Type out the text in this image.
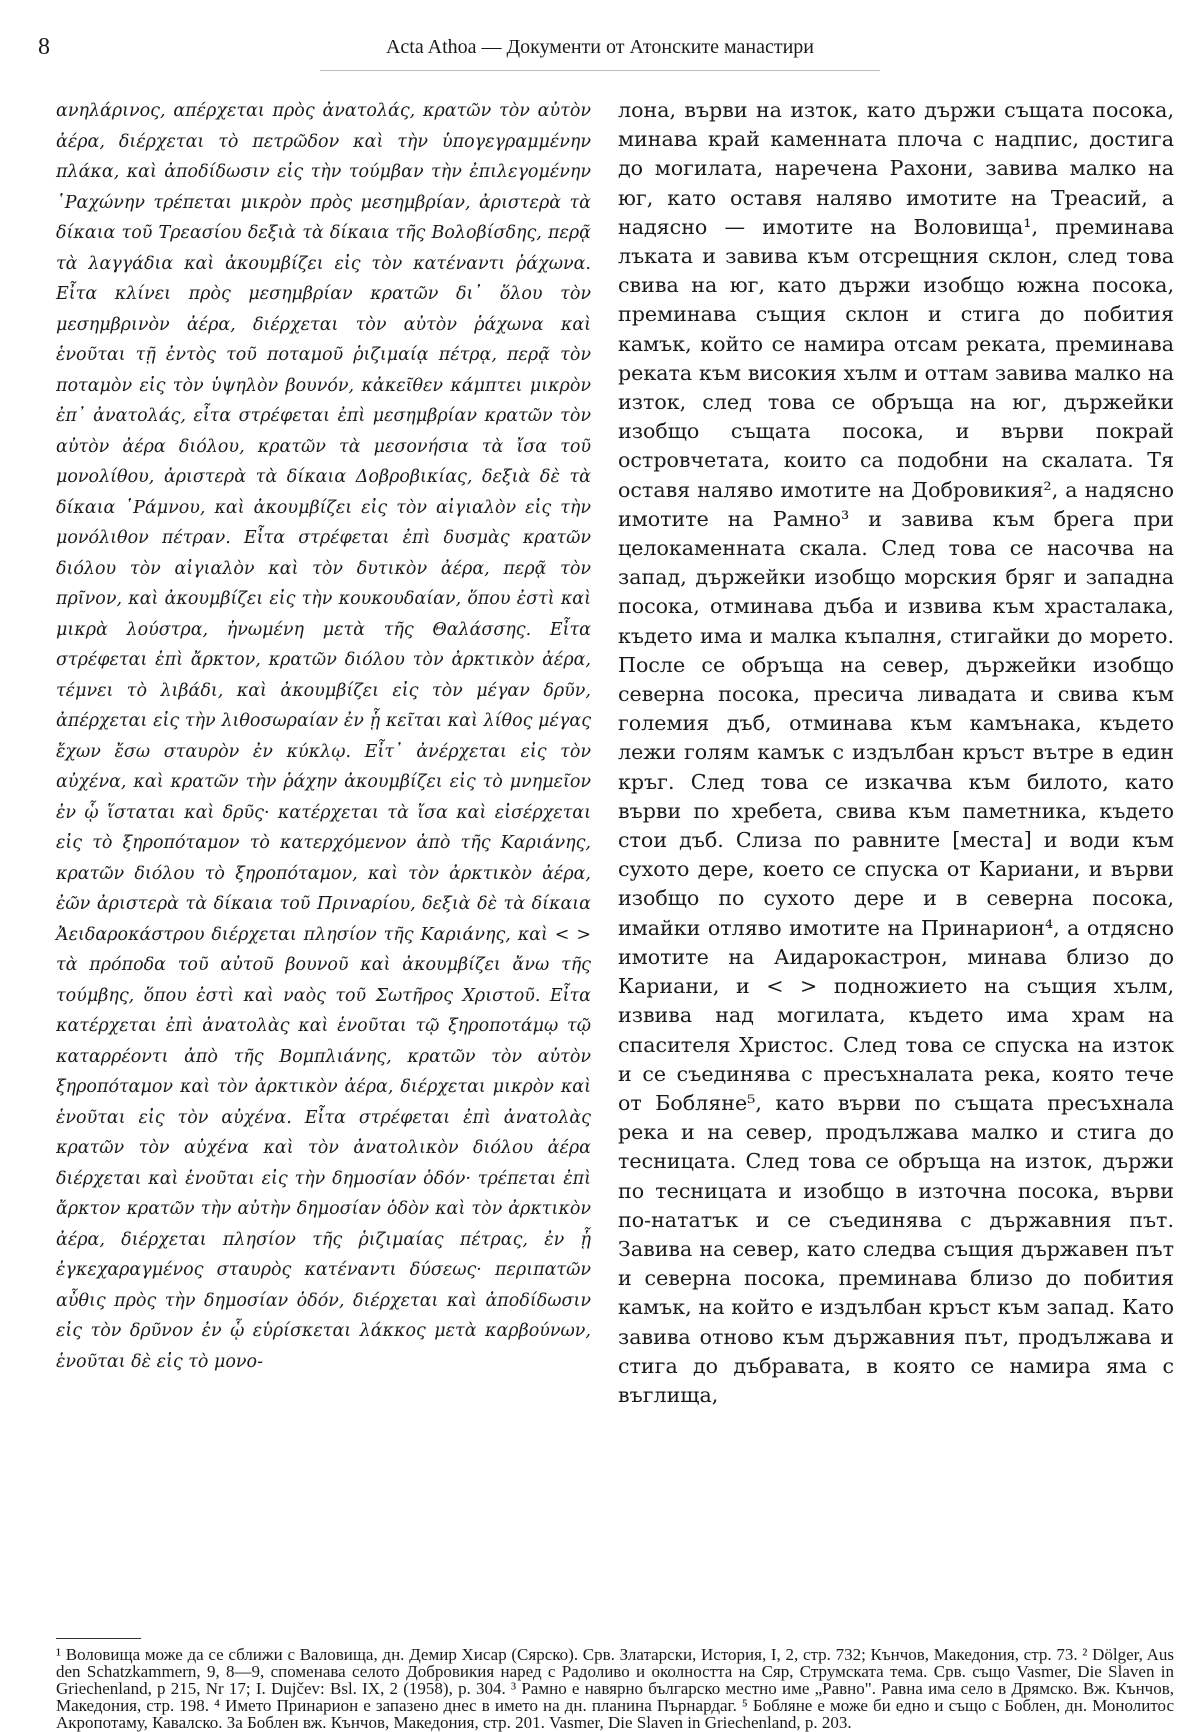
8	Acta Athoa — Документи от Атонските манастири

ανηλάρινος, απέρχεται πρὸς ἀνατολάς, κρατῶν τὸν αὐτὸν ἀέρα, διέρχεται τὸ πετρῶδον καὶ τὴν ὑπογεγραμμένην πλάκα, καὶ ἀποδίδωσιν εἰς τὴν τούμβαν τὴν ἐπιλεγομένην ῾Ραχώνην τρέπεται μικρὸν πρὸς μεσημβρίαν, ἀριστερὰ τὰ δίκαια τοῦ Τρεασίου δεξιὰ τὰ δίκαια τῆς Βολοβίσδης, περᾷ τὰ λαγγάδια καὶ ἀκουμβίζει εἰς τὸν κατέναντι ῥάχωνα. Εἶτα κλίνει πρὸς μεσημβρίαν κρατῶν δι᾽ ὅλου τὸν μεσημβρινὸν ἀέρα, διέρχεται τὸν αὐτὸν ῥάχωνα καὶ ἑνοῦται τῇ ἐντὸς τοῦ ποταμοῦ ῥιζιμαίᾳ πέτρᾳ, περᾷ τὸν ποταμὸν εἰς τὸν ὑψηλὸν βουνόν, κἀκεῖθεν κάμπτει μικρὸν ἐπ᾽ ἀνατολάς, εἶτα στρέφεται ἐπὶ μεσημβρίαν κρατῶν τὸν αὐτὸν ἀέρα διόλου, κρατῶν τὰ μεσονήσια τὰ ἴσα τοῦ μονολίθου, ἀριστερὰ τὰ δίκαια Δοβροβικίας, δεξιὰ δὲ τὰ δίκαια ῾Ράμνου, καὶ ἀκουμβίζει εἰς τὸν αἰγιαλὸν εἰς τὴν μονόλιθον πέτραν. Εἶτα στρέφεται ἐπὶ δυσμὰς κρατῶν διόλου τὸν αἰγιαλὸν καὶ τὸν δυτικὸν ἀέρα, περᾷ τὸν πρῖνον, καὶ ἀκουμβίζει εἰς τὴν κουκουδαίαν, ὅπου ἐστὶ καὶ μικρὰ λούστρα, ἡνωμένη μετὰ τῆς Θαλάσσης. Εἶτα στρέφεται ἐπὶ ἄρκτον, κρατῶν διόλου τὸν ἀρκτικὸν ἀέρα, τέμνει τὸ λιβάδι, καὶ ἀκουμβίζει εἰς τὸν μέγαν δρῦν, ἀπέρχεται εἰς τὴν λιθοσωραίαν ἐν ᾗ κεῖται καὶ λίθος μέγας ἔχων ἔσω σταυρὸν ἐν κύκλῳ. Εἶτ᾽ ἀνέρχεται εἰς τὸν αὐχένα, καὶ κρατῶν τὴν ῥάχην ἀκουμβίζει εἰς τὸ μνημεῖον ἐν ᾧ ἵσταται καὶ δρῦς· κατέρχεται τὰ ἴσα καὶ εἰσέρχεται εἰς τὸ ξηροπόταμον τὸ κατερχόμενον ἀπὸ τῆς Καριάνης, κρατῶν διόλου τὸ ξηροπόταμον, καὶ τὸν ἀρκτικὸν ἀέρα, ἐῶν ἀριστερὰ τὰ δίκαια τοῦ Πριναρίου, δεξιὰ δὲ τὰ δίκαια Ἀειδαροκάστρου διέρχεται πλησίον τῆς Καριάνης, καὶ < > τὰ πρόποδα τοῦ αὐτοῦ βουνοῦ καὶ ἀκουμβίζει ἄνω τῆς τούμβης, ὅπου ἐστὶ καὶ ναὸς τοῦ Σωτῆρος Χριστοῦ. Εἶτα κατέρχεται ἐπὶ ἀνατολὰς καὶ ἑνοῦται τῷ ξηροποτάμῳ τῷ καταρρέοντι ἀπὸ τῆς Βομπλιάνης, κρατῶν τὸν αὐτὸν ξηροπόταμον καὶ τὸν ἀρκτικὸν ἀέρα, διέρχεται μικρὸν καὶ ἑνοῦται εἰς τὸν αὐχένα. Εἶτα στρέφεται ἐπὶ ἀνατολὰς κρατῶν τὸν αὐχένα καὶ τὸν ἀνατολικὸν διόλου ἀέρα διέρχεται καὶ ἑνοῦται εἰς τὴν δημοσίαν ὁδόν· τρέπεται ἐπὶ ἄρκτον κρατῶν τὴν αὐτὴν δημοσίαν ὁδὸν καὶ τὸν ἀρκτικὸν ἀέρα, διέρχεται πλησίον τῆς ῥιζιμαίας πέτρας, ἐν ᾗ ἐγκεχαραγμένος σταυρὸς κατέναντι δύσεως· περιπατῶν αὖθις πρὸς τὴν δημοσίαν ὁδόν, διέρχεται καὶ ἀποδίδωσιν εἰς τὸν δρῦνον ἐν ᾧ εὑρίσκεται λάκκος μετὰ καρβούνων, ἑνοῦται δὲ εἰς τὸ μονο-

лона, върви на изток, като държи същата посока, минава край каменната плоча с надпис, достига до могилата, наречена Рахони, завива малко на юг, като оставя наляво имотите на Треасий, а надясно — имотите на Воловища¹, преминава лъката и завива към отсрещния склон, след това свива на юг, като държи изобщо южна посока, преминава същия склон и стига до побития камък, който се намира отсам реката, преминава реката към високия хълм и оттам завива малко на изток, след това се обръща на юг, държейки изобщо същата посока, и върви покрай островчетата, които са подобни на скалата. Тя оставя наляво имотите на Добровикия², а надясно имотите на Рамно³ и завива към брега при целокаменната скала. След това се насочва на запад, държейки изобщо морския бряг и западна посока, отминава дъба и извива към храсталака, където има и малка къпалня, стигайки до морето. После се обръща на север, държейки изобщо северна посока, пресича ливадата и свива към големия дъб, отминава към камънака, където лежи голям камък с издълбан кръст вътре в един кръг. След това се изкачва към билото, като върви по хребета, свива към паметника, където стои дъб. Слиза по равните [места] и води към сухото дере, което се спуска от Кариани, и върви изобщо по сухото дере и в северна посока, имайки отляво имотите на Принарион⁴, а отдясно имотите на Аидарокастрон, минава близо до Кариани, и < > подножието на същия хълм, извива над могилата, където има храм на спасителя Христос. След това се спуска на изток и се съединява с пресъхналата река, която тече от Бобляне⁵, като върви по същата пресъхнала река и на север, продължава малко и стига до тесницата. След това се обръща на изток, държи по тесницата и изобщо в източна посока, върви по-нататък и се съединява с държавния път. Завива на север, като следва същия държавен път и северна посока, преминава близо до побития камък, на който е издълбан кръст към запад. Като завива отново към държавния път, продължава и стига до дъбравата, в която се намира яма с въглища,

¹ Воловища може да се сближи с Валовища, дн. Демир Хисар (Сярско). Срв. Златарски, История, I, 2, стр. 732; Кънчов, Македония, стр. 73. ² Dölger, Aus den Schatzkammern, 9, 8—9, споменава селото Добровикия наред с Радоливо и околността на Сяр, Струмската тема. Срв. също Vasmer, Die Slaven in Griechenland, p 215, Nr 17; I. Dujčev: Bsl. IX, 2 (1958), p. 304. ³ Рамно е навярно българско местно име „Равно". Равна има село в Дрямско. Вж. Кънчов, Македония, стр. 198. ⁴ Името Принарион е запазено днес в името на дн. планина Пърнардаг. ⁵ Бобляне е може би едно и също с Боблен, дн. Монолитос Акропотаму, Кавалско. За Боблен вж. Кънчов, Македония, стр. 201. Vasmer, Die Slaven in Griechenland, p. 203.
